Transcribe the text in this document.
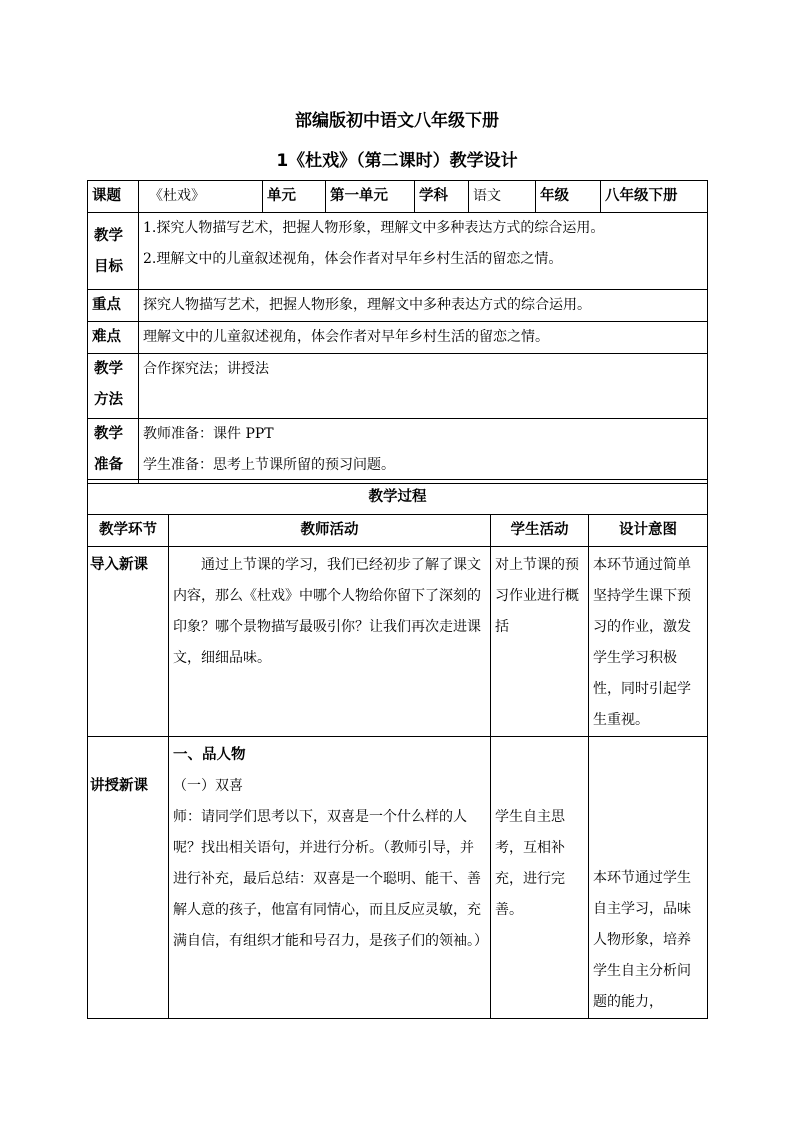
部编版初中语文八年级下册
1《杜戏》（第二课时）教学设计
课题	《杜戏》	单元	第一单元	学科	语文	年级	八年级下册

教学目标	1.探究人物描写艺术，把握人物形象，理解文中多种表达方式的综合运用。
2.理解文中的儿童叙述视角，体会作者对早年乡村生活的留恋之情。						

重点	探究人物描写艺术，把握人物形象，理解文中多种表达方式的综合运用。						
难点	理解文中的儿童叙述视角，体会作者对早年乡村生活的留恋之情。						

教学方法	合作探究法；讲授法						

教学准备	教师准备：课件 PPT
学生准备：思考上节课所留的预习问题。						
教学过程			
教学环节	教师活动	学生活动	设计意图
导入新课	通过上节课的学习，我们已经初步了解了课文内容，那么《杜戏》中哪个人物给你留下了深刻的印象？哪个景物描写最吸引你？让我们再次走进课文，细细品味。	对上节课的预习作业进行概括	本环节通过简单坚持学生课下预习的作业，激发学生学习积极性，同时引起学生重视。

讲授新课	一、品人物
（一）双喜
师：请同学们思考以下，双喜是一个什么样的人呢？找出相关语句，并进行分析。（教师引导，并进行补充，最后总结：双喜是一个聪明、能干、善解人意的孩子，他富有同情心，而且反应灵敏，充满自信，有组织才能和号召力，是孩子们的领袖。）	学生自主思考，互相补充，进行完善。	本环节通过学生自主学习，品味人物形象，培养学生自主分析问题的能力，
